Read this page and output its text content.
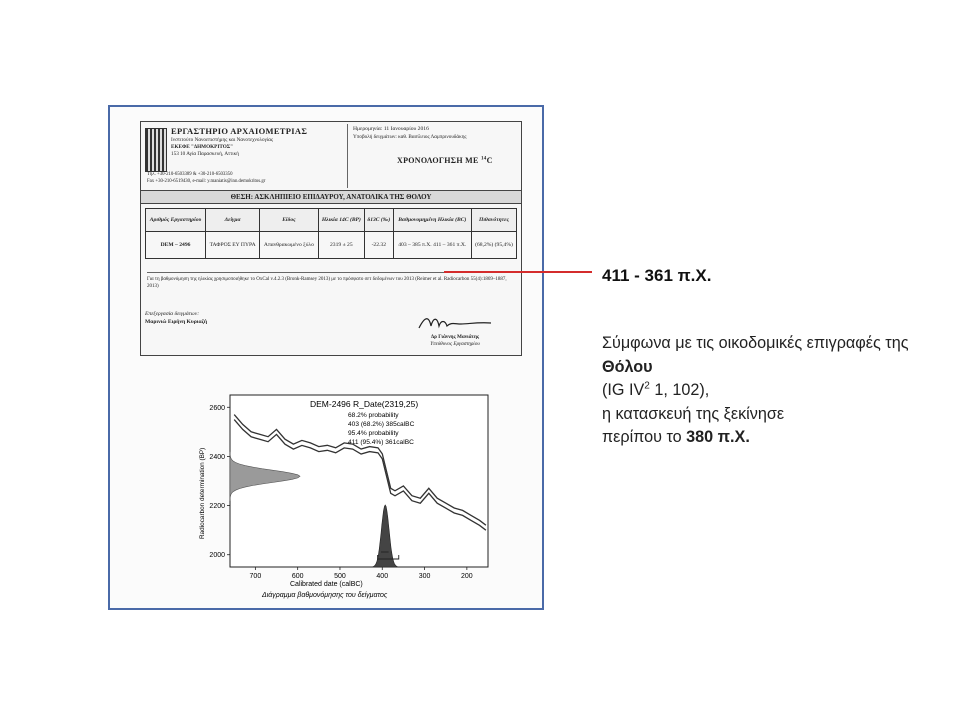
ΕΡΓΑΣΤΗΡΙΟ ΑΡΧΑΙΟΜΕΤΡΙΑΣ
Ινστιτούτο Νανοεπιστήμης και Νανοτεχνολογίας
ΕΚΕΦΕ "ΔΗΜΟΚΡΙΤΟΣ"
153 10 Αγία Παρασκευή, Αττική
Τηλ. +30-210-6503389 & +30-210-6503350
Fax +30-210-6519430, e-mail: y.maniatis@inn.demokritos.gr
Ημερομηνία: 11 Ιανουαρίου 2016
Υποβολή δειγμάτων: καθ. Βασίλειος Λαμπρινουδάκης
ΧΡΟΝΟΛΟΓΗΣΗ ΜΕ $^{14}$C
ΘΕΣΗ: ΑΣΚΛΗΠΙΕΙΟ ΕΠΙΔΑΥΡΟΥ, ΑΝΑΤΟΛΙΚΑ ΤΗΣ ΘΟΛΟΥ
Αριθμός Εργαστηρίου	Δείγμα	Είδος	Ηλικία 14C (BP)	δ13C (‰)	Βαθμονομημένη Ηλικία (BC)	Πιθανότητες
DEM – 2496	ΤΑΦΡΟΣ ΕΥ ΠΥΡΑ	Απανθρακωμένο ξύλο	2319 ± 25	-22.32	403 – 385 π.Χ. 411 – 361 π.Χ.	(68,2%) (95,4%)
Για τη βαθμονόμηση της ηλικίας χρησιμοποιήθηκε το OxCal v.4.2.3 (Bronk-Ramsey 2013) με το πρόσφατο σετ δεδομένων του 2013 (Reimer et al. Radiocarbon 55(4):1869–1887, 2013)
Επεξεργασία δειγμάτων:
Μαρινιώ Ειρήνη Κυριαζή
Δρ Γιάννης Μανιάτης
Υπεύθυνος Εργαστηρίου
DEM-2496 R_Date(2319,25)
68.2% probability
403 (68.2%) 385calBC
95.4% probability
411 (95.4%) 361calBC
2600
2400
2200
2000
700	600	500	400	300	200
Calibrated date (calBC)
Διάγραμμα βαθμονόμησης του δείγματος
Radiocarbon determination (BP)
411 - 361 π.Χ.
Σύμφωνα με τις οικοδομικές επιγραφές της Θόλου
(IG $IV^2$ 1, 102),
η κατασκευή της ξεκίνησε
περίπου το 380 π.Χ.
